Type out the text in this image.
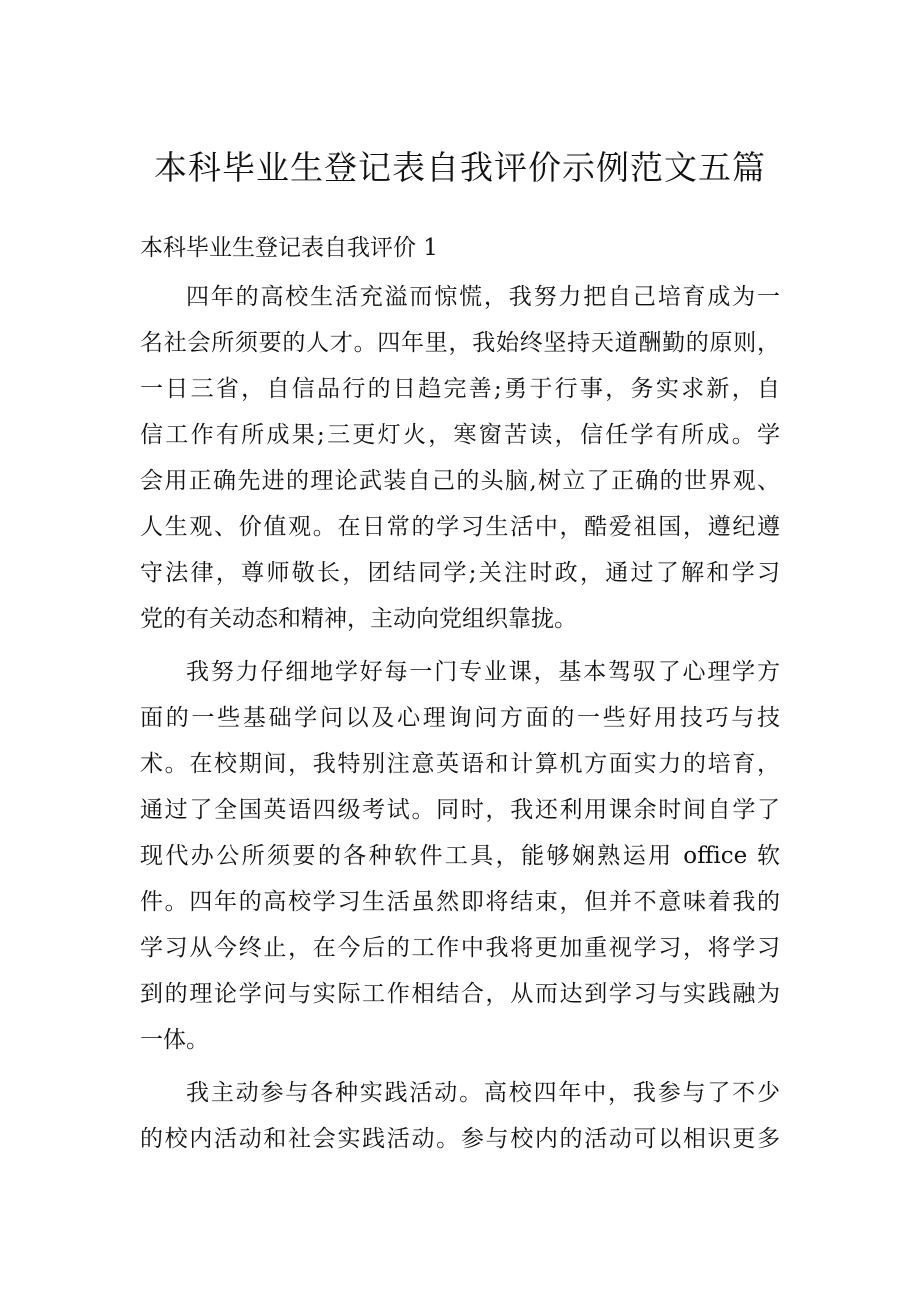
本科毕业生登记表自我评价示例范文五篇
本科毕业生登记表自我评价 1

四年的高校生活充溢而惊慌，我努力把自己培育成为一
名社会所须要的人才。四年里，我始终坚持天道酬勤的原则，
一日三省，自信品行的日趋完善;勇于行事，务实求新，自
信工作有所成果;三更灯火，寒窗苦读，信任学有所成。学
会用正确先进的理论武装自己的头脑,树立了正确的世界观、
人生观、价值观。在日常的学习生活中，酷爱祖国，遵纪遵
守法律，尊师敬长，团结同学;关注时政，通过了解和学习
党的有关动态和精神，主动向党组织靠拢。

我努力仔细地学好每一门专业课，基本驾驭了心理学方
面的一些基础学问以及心理询问方面的一些好用技巧与技
术。在校期间，我特别注意英语和计算机方面实力的培育，
通过了全国英语四级考试。同时，我还利用课余时间自学了
现代办公所须要的各种软件工具，能够娴熟运用 office 软
件。四年的高校学习生活虽然即将结束，但并不意味着我的
学习从今终止，在今后的工作中我将更加重视学习，将学习
到的理论学问与实际工作相结合，从而达到学习与实践融为
一体。

我主动参与各种实践活动。高校四年中，我参与了不少
的校内活动和社会实践活动。参与校内的活动可以相识更多
